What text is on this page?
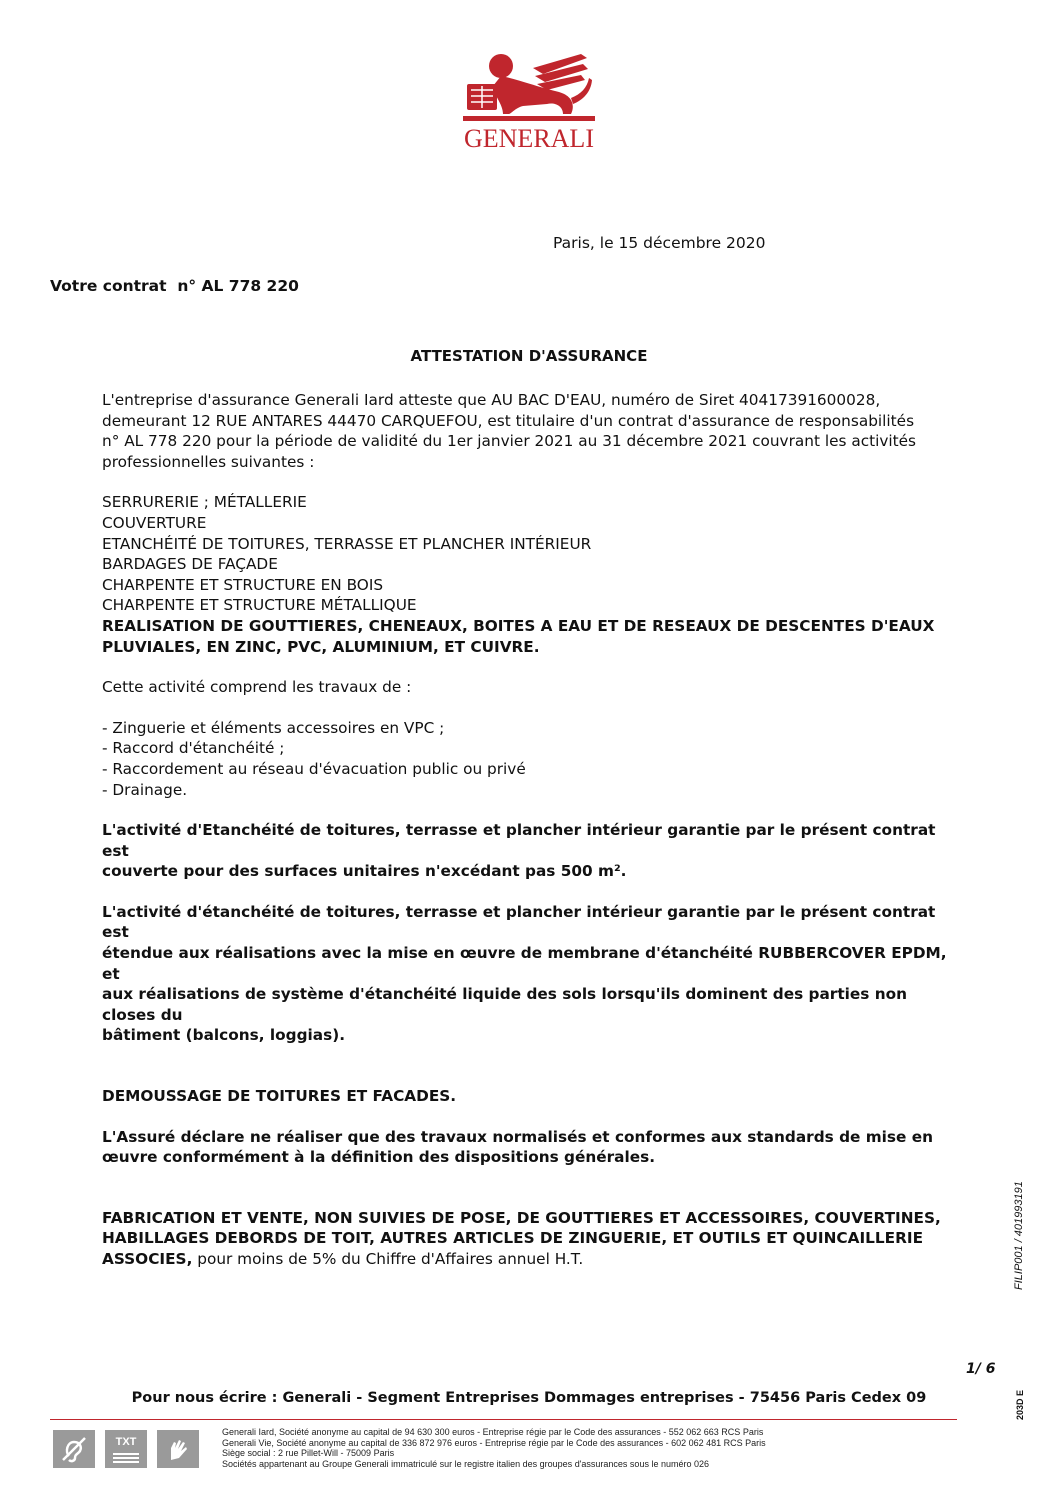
GENERALI
Paris, le 15 décembre 2020
Votre contrat  n° AL 778 220
ATTESTATION D'ASSURANCE

L'entreprise d'assurance Generali Iard atteste que AU BAC D'EAU, numéro de Siret 40417391600028,
demeurant 12 RUE ANTARES 44470 CARQUEFOU, est titulaire d'un contrat d'assurance de responsabilités
n° AL 778 220 pour la période de validité du 1er janvier 2021 au 31 décembre 2021 couvrant les activités
professionnelles suivantes :

SERRURERIE ; MÉTALLERIE
COUVERTURE
ETANCHÉITÉ DE TOITURES, TERRASSE ET PLANCHER INTÉRIEUR
BARDAGES DE FAÇADE
CHARPENTE ET STRUCTURE EN BOIS
CHARPENTE ET STRUCTURE MÉTALLIQUE
REALISATION DE GOUTTIERES, CHENEAUX, BOITES A EAU ET DE RESEAUX DE DESCENTES D'EAUX
PLUVIALES, EN ZINC, PVC, ALUMINIUM, ET CUIVRE.

Cette activité comprend les travaux de :

- Zinguerie et éléments accessoires en VPC ;
- Raccord d'étanchéité ;
- Raccordement au réseau d'évacuation public ou privé
- Drainage.

L'activité d'Etanchéité de toitures, terrasse et plancher intérieur garantie par le présent contrat est
couverte pour des surfaces unitaires n'excédant pas 500 m².

L'activité d'étanchéité de toitures, terrasse et plancher intérieur garantie par le présent contrat est
étendue aux réalisations avec la mise en œuvre de membrane d'étanchéité RUBBERCOVER EPDM, et
aux réalisations de système d'étanchéité liquide des sols lorsqu'ils dominent des parties non closes du
bâtiment (balcons, loggias).

DEMOUSSAGE DE TOITURES ET FACADES.

L'Assuré déclare ne réaliser que des travaux normalisés et conformes aux standards de mise en
œuvre conformément à la définition des dispositions générales.

FABRICATION ET VENTE, NON SUIVIES DE POSE, DE GOUTTIERES ET ACCESSOIRES, COUVERTINES,
HABILLAGES DEBORDS DE TOIT, AUTRES ARTICLES DE ZINGUERIE, ET OUTILS ET QUINCAILLERIE
ASSOCIES, pour moins de 5% du Chiffre d'Affaires annuel H.T.	FILIP001 / 401993191
203D E
1/ 6
Pour nous écrire : Generali - Segment Entreprises Dommages entreprises - 75456 Paris Cedex 09
TXT
Generali Iard, Société anonyme au capital de 94 630 300 euros - Entreprise régie par le Code des assurances - 552 062 663 RCS Paris
Generali Vie, Société anonyme au capital de 336 872 976 euros - Entreprise régie par le Code des assurances - 602 062 481 RCS Paris
Siège social : 2 rue Pillet-Will - 75009 Paris
Sociétés appartenant au Groupe Generali immatriculé sur le registre italien des groupes d'assurances sous le numéro 026
